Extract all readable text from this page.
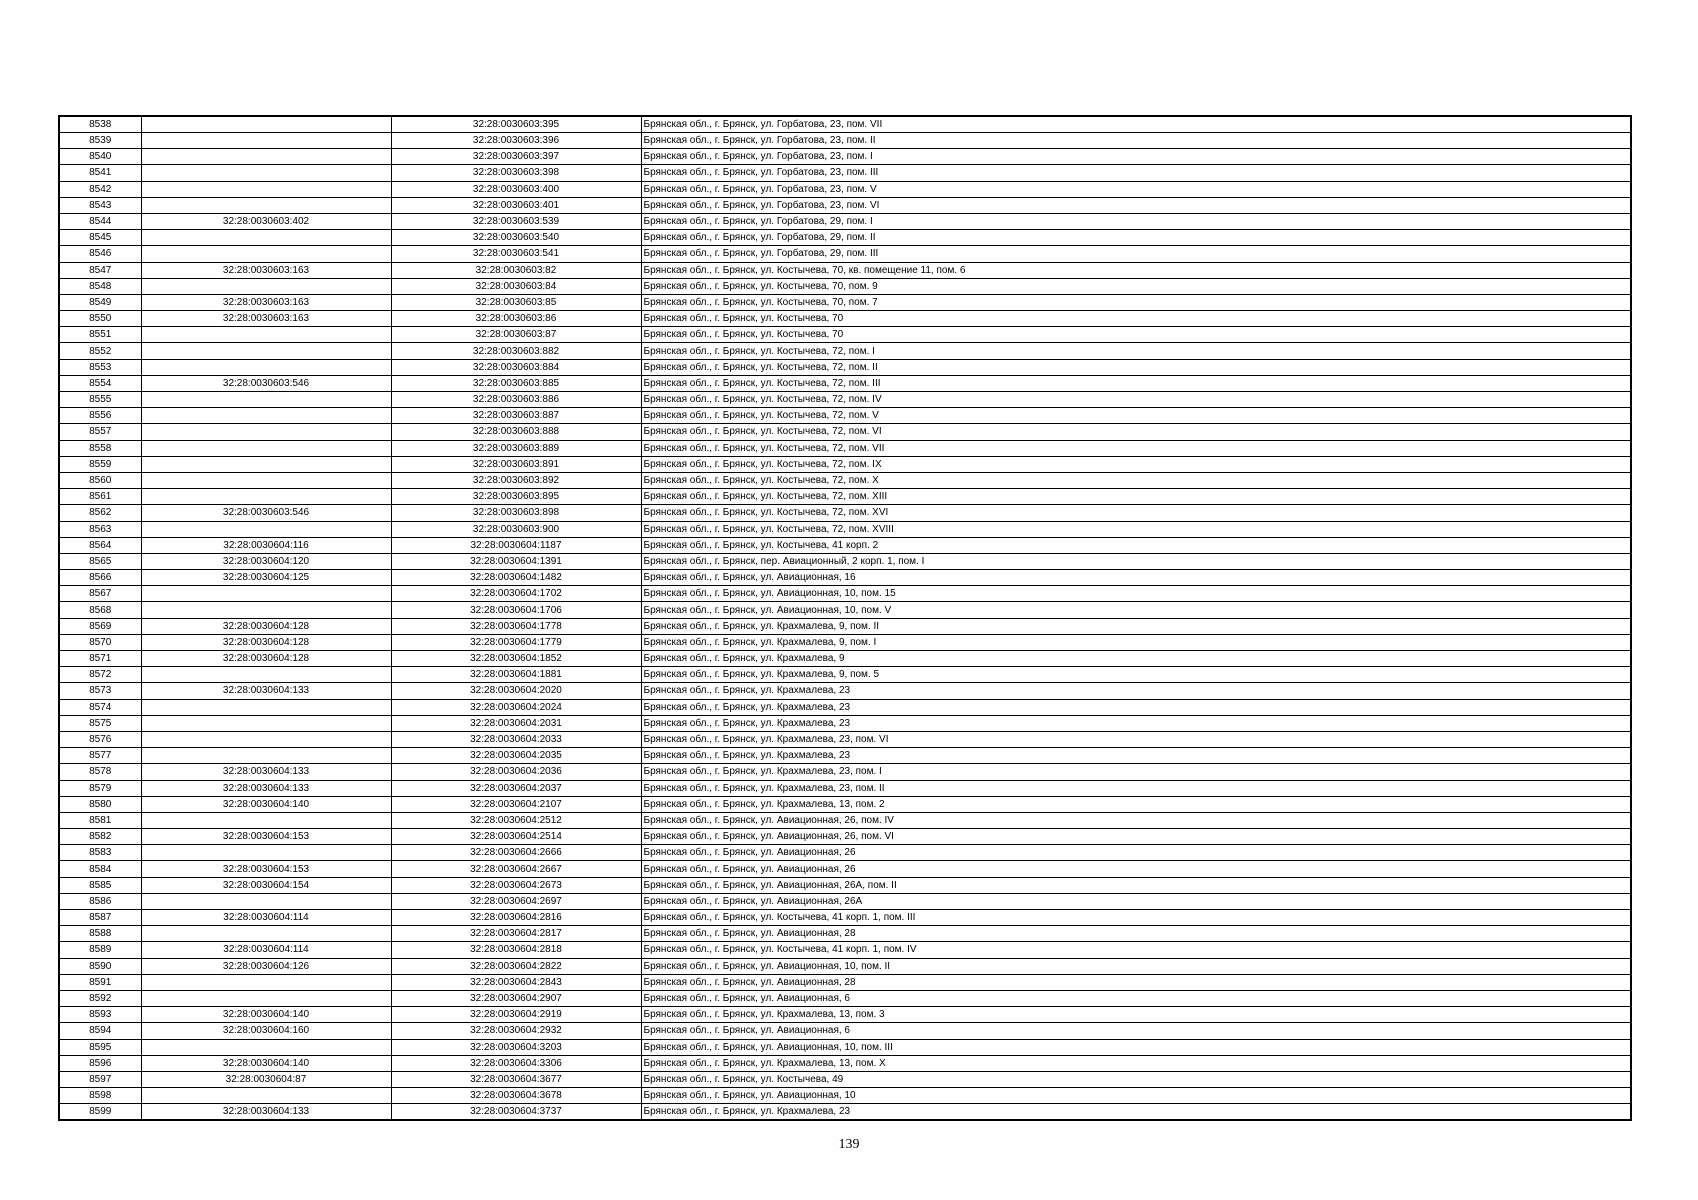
8538		32:28:0030603:395	Брянская обл., г. Брянск, ул. Горбатова, 23, пом. VII
8539		32:28:0030603:396	Брянская обл., г. Брянск, ул. Горбатова, 23, пом. II
8540		32:28:0030603:397	Брянская обл., г. Брянск, ул. Горбатова, 23, пом. I
8541		32:28:0030603:398	Брянская обл., г. Брянск, ул. Горбатова, 23, пом. III
8542		32:28:0030603:400	Брянская обл., г. Брянск, ул. Горбатова, 23, пом. V
8543		32:28:0030603:401	Брянская обл., г. Брянск, ул. Горбатова, 23, пом. VI
8544	32:28:0030603:402	32:28:0030603:539	Брянская обл., г. Брянск, ул. Горбатова, 29, пом. I
8545		32:28:0030603:540	Брянская обл., г. Брянск, ул. Горбатова, 29, пом. II
8546		32:28:0030603:541	Брянская обл., г. Брянск, ул. Горбатова, 29, пом. III
8547	32:28:0030603:163	32:28:0030603:82	Брянская обл., г. Брянск, ул. Костычева, 70, кв. помещение 11, пом. 6
8548		32:28:0030603:84	Брянская обл., г. Брянск, ул. Костычева, 70, пом. 9
8549	32:28:0030603:163	32:28:0030603:85	Брянская обл., г. Брянск, ул. Костычева, 70, пом. 7
8550	32:28:0030603:163	32:28:0030603:86	Брянская обл., г. Брянск, ул. Костычева, 70
8551		32:28:0030603:87	Брянская обл., г. Брянск, ул. Костычева, 70
8552		32:28:0030603:882	Брянская обл., г. Брянск, ул. Костычева, 72, пом. I
8553		32:28:0030603:884	Брянская обл., г. Брянск, ул. Костычева, 72, пом. II
8554	32:28:0030603:546	32:28:0030603:885	Брянская обл., г. Брянск, ул. Костычева, 72, пом. III
8555		32:28:0030603:886	Брянская обл., г. Брянск, ул. Костычева, 72, пом. IV
8556		32:28:0030603:887	Брянская обл., г. Брянск, ул. Костычева, 72, пом. V
8557		32:28:0030603:888	Брянская обл., г. Брянск, ул. Костычева, 72, пом. VI
8558		32:28:0030603:889	Брянская обл., г. Брянск, ул. Костычева, 72, пом. VII
8559		32:28:0030603:891	Брянская обл., г. Брянск, ул. Костычева, 72, пом. IX
8560		32:28:0030603:892	Брянская обл., г. Брянск, ул. Костычева, 72, пом. X
8561		32:28:0030603:895	Брянская обл., г. Брянск, ул. Костычева, 72, пом. XIII
8562	32:28:0030603:546	32:28:0030603:898	Брянская обл., г. Брянск, ул. Костычева, 72, пом. XVI
8563		32:28:0030603:900	Брянская обл., г. Брянск, ул. Костычева, 72, пом. XVIII
8564	32:28:0030604:116	32:28:0030604:1187	Брянская обл., г. Брянск, ул. Костычева, 41 корп. 2
8565	32:28:0030604:120	32:28:0030604:1391	Брянская обл., г. Брянск, пер. Авиационный, 2 корп. 1, пом. I
8566	32:28:0030604:125	32:28:0030604:1482	Брянская обл., г. Брянск, ул. Авиационная, 16
8567		32:28:0030604:1702	Брянская обл., г. Брянск, ул. Авиационная, 10, пом. 15
8568		32:28:0030604:1706	Брянская обл., г. Брянск, ул. Авиационная, 10, пом. V
8569	32:28:0030604:128	32:28:0030604:1778	Брянская обл., г. Брянск, ул. Крахмалева, 9, пом. II
8570	32:28:0030604:128	32:28:0030604:1779	Брянская обл., г. Брянск, ул. Крахмалева, 9, пом. I
8571	32:28:0030604:128	32:28:0030604:1852	Брянская обл., г. Брянск, ул. Крахмалева, 9
8572		32:28:0030604:1881	Брянская обл., г. Брянск, ул. Крахмалева, 9, пом. 5
8573	32:28:0030604:133	32:28:0030604:2020	Брянская обл., г. Брянск, ул. Крахмалева, 23
8574		32:28:0030604:2024	Брянская обл., г. Брянск, ул. Крахмалева, 23
8575		32:28:0030604:2031	Брянская обл., г. Брянск, ул. Крахмалева, 23
8576		32:28:0030604:2033	Брянская обл., г. Брянск, ул. Крахмалева, 23, пом. VI
8577		32:28:0030604:2035	Брянская обл., г. Брянск, ул. Крахмалева, 23
8578	32:28:0030604:133	32:28:0030604:2036	Брянская обл., г. Брянск, ул. Крахмалева, 23, пом. I
8579	32:28:0030604:133	32:28:0030604:2037	Брянская обл., г. Брянск, ул. Крахмалева, 23, пом. II
8580	32:28:0030604:140	32:28:0030604:2107	Брянская обл., г. Брянск, ул. Крахмалева, 13, пом. 2
8581		32:28:0030604:2512	Брянская обл., г. Брянск, ул. Авиационная, 26, пом. IV
8582	32:28:0030604:153	32:28:0030604:2514	Брянская обл., г. Брянск, ул. Авиационная, 26, пом. VI
8583		32:28:0030604:2666	Брянская обл., г. Брянск, ул. Авиационная, 26
8584	32:28:0030604:153	32:28:0030604:2667	Брянская обл., г. Брянск, ул. Авиационная, 26
8585	32:28:0030604:154	32:28:0030604:2673	Брянская обл., г. Брянск, ул. Авиационная, 26А, пом. II
8586		32:28:0030604:2697	Брянская обл., г. Брянск, ул. Авиационная, 26А
8587	32:28:0030604:114	32:28:0030604:2816	Брянская обл., г. Брянск, ул. Костычева, 41 корп. 1, пом. III
8588		32:28:0030604:2817	Брянская обл., г. Брянск, ул. Авиационная, 28
8589	32:28:0030604:114	32:28:0030604:2818	Брянская обл., г. Брянск, ул. Костычева, 41 корп. 1, пом. IV
8590	32:28:0030604:126	32:28:0030604:2822	Брянская обл., г. Брянск, ул. Авиационная, 10, пом. II
8591		32:28:0030604:2843	Брянская обл., г. Брянск, ул. Авиационная, 28
8592		32:28:0030604:2907	Брянская обл., г. Брянск, ул. Авиационная, 6
8593	32:28:0030604:140	32:28:0030604:2919	Брянская обл., г. Брянск, ул. Крахмалева, 13, пом. 3
8594	32:28:0030604:160	32:28:0030604:2932	Брянская обл., г. Брянск, ул. Авиационная, 6
8595		32:28:0030604:3203	Брянская обл., г. Брянск, ул. Авиационная, 10, пом. III
8596	32:28:0030604:140	32:28:0030604:3306	Брянская обл., г. Брянск, ул. Крахмалева, 13, пом. X
8597	32:28:0030604:87	32:28:0030604:3677	Брянская обл., г. Брянск, ул. Костычева, 49
8598		32:28:0030604:3678	Брянская обл., г. Брянск, ул. Авиационная, 10
8599	32:28:0030604:133	32:28:0030604:3737	Брянская обл., г. Брянск, ул. Крахмалева, 23
139
